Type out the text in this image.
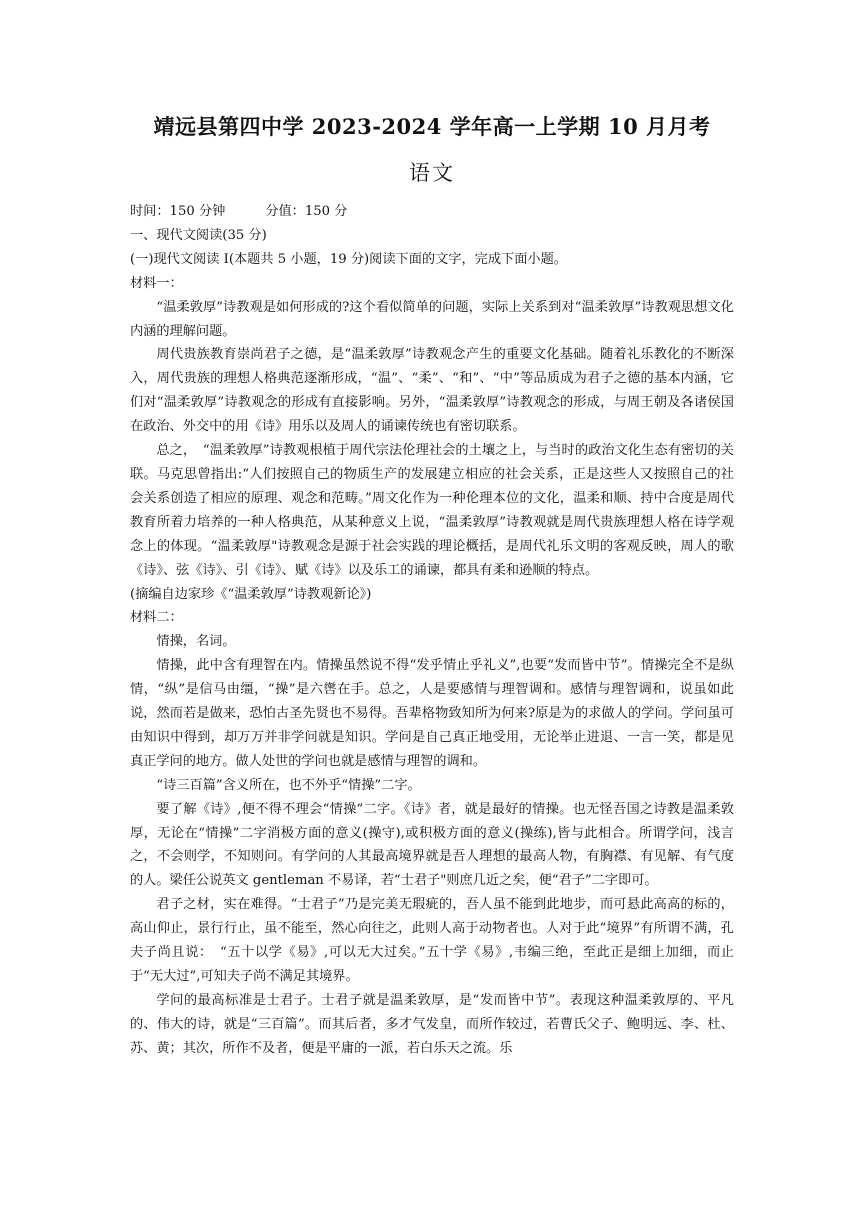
靖远县第四中学 2023-2024 学年高一上学期 10 月月考
语文

时间：150 分钟	分值：150 分

一、现代文阅读(35 分)

(一)现代文阅读 I(本题共 5 小题，19 分)阅读下面的文字，完成下面小题。

材料一：

“温柔敦厚”诗教观是如何形成的?这个看似简单的问题，实际上关系到对“温柔敦厚”诗教观思想文化内涵的理解问题。

周代贵族教育崇尚君子之德，是“温柔敦厚”诗教观念产生的重要文化基础。随着礼乐教化的不断深入，周代贵族的理想人格典范逐渐形成，“温”、“柔”、“和”、“中”等品质成为君子之德的基本内涵，它们对“温柔敦厚”诗教观念的形成有直接影响。另外，“温柔敦厚”诗教观念的形成，与周王朝及各诸侯国在政治、外交中的用《诗》用乐以及周人的诵谏传统也有密切联系。

总之，　“温柔敦厚”诗教观根植于周代宗法伦理社会的土壤之上，与当时的政治文化生态有密切的关联。马克思曾指出:“人们按照自己的物质生产的发展建立相应的社会关系，正是这些人又按照自己的社会关系创造了相应的原理、观念和范畴。”周文化作为一种伦理本位的文化，温柔和顺、持中合度是周代教育所着力培养的一种人格典范，从某种意义上说，“温柔敦厚”诗教观就是周代贵族理想人格在诗学观念上的体现。“温柔敦厚"诗教观念是源于社会实践的理论概括，是周代礼乐文明的客观反映，周人的歌《诗》、弦《诗》、引《诗》、赋《诗》以及乐工的诵谏，都具有柔和逊顺的特点。

(摘编自边家珍《“温柔敦厚”诗教观新论》)

材料二：

情操，名词。

情操，此中含有理智在内。情操虽然说不得“发乎情止乎礼义”,也要“发而皆中节”。情操完全不是纵情，“纵”是信马由缰，“操”是六辔在手。总之，人是要感情与理智调和。感情与理智调和，说虽如此说，然而若是做来，恐怕古圣先贤也不易得。吾辈格物致知所为何来?原是为的求做人的学问。学问虽可由知识中得到，却万万并非学问就是知识。学问是自己真正地受用，无论举止进退、一言一笑，都是见真正学问的地方。做人处世的学问也就是感情与理智的调和。

“诗三百篇”含义所在，也不外乎“情操”二字。

要了解《诗》,便不得不理会“情操”二字。《诗》者，就是最好的情操。也无怪吾国之诗教是温柔敦厚，无论在“情操”二字消极方面的意义(操守),或积极方面的意义(操练),皆与此相合。所谓学问，浅言之，不会则学，不知则问。有学问的人其最高境界就是吾人理想的最高人物，有胸襟、有见解、有气度的人。梁任公说英文 gentleman 不易译，若“士君子"则庶几近之矣，便“君子”二字即可。

君子之材，实在难得。“士君子”乃是完美无瑕疵的，吾人虽不能到此地步，而可悬此高高的标的，高山仰止，景行行止，虽不能至，然心向往之，此则人高于动物者也。人对于此“境界”有所谓不满，孔夫子尚且说：　“五十以学《易》,可以无大过矣。”五十学《易》,韦编三绝，至此正是细上加细，而止于“无大过”,可知夫子尚不满足其境界。

学问的最高标准是士君子。士君子就是温柔敦厚，是“发而皆中节”。表现这种温柔敦厚的、平凡的、伟大的诗，就是“三百篇”。而其后者，多才气发皇，而所作较过，若曹氏父子、鲍明远、李、杜、苏、黄；其次，所作不及者，便是平庸的一派，若白乐天之流。乐
